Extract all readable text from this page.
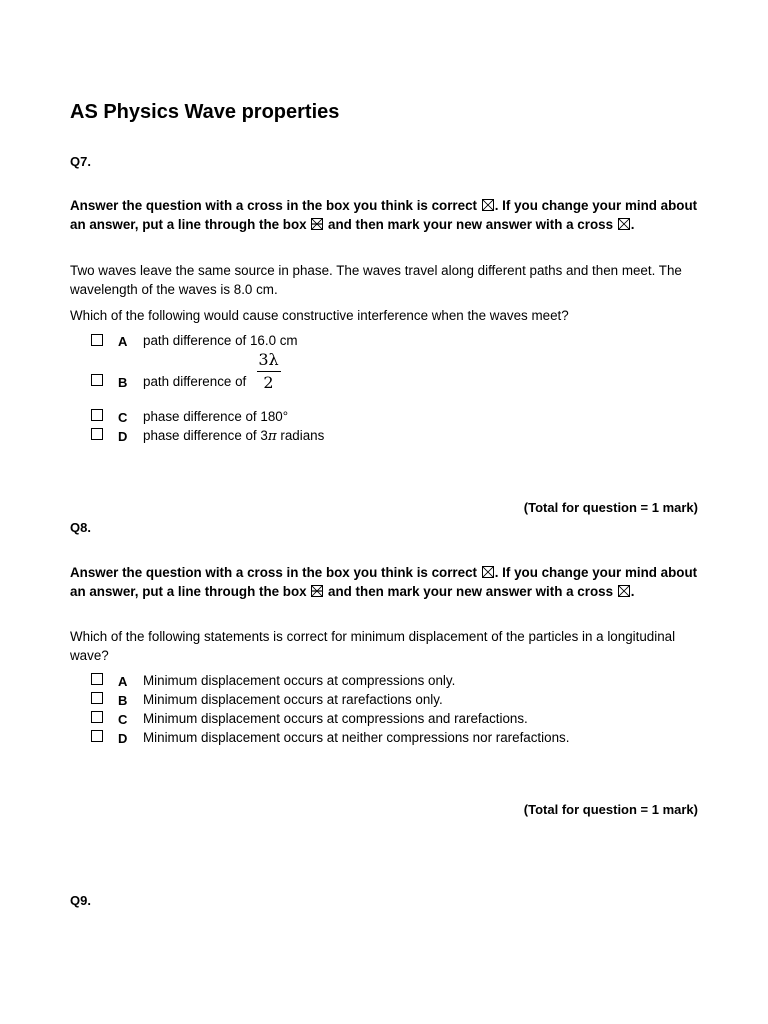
AS Physics Wave properties
Q7.
Answer the question with a cross in the box you think is correct ☒. If you change your mind about an answer, put a line through the box
and then mark your new answer with a cross ☒.
Two waves leave the same source in phase. The waves travel along different paths and then meet. The wavelength of the waves is 8.0 cm.
Which of the following would cause constructive interference when the waves meet?
A path difference of 16.0 cm
B path difference of
3λ
2
C phase difference of 180°
D phase difference of 3π radians
(Total for question = 1 mark)
Q8.
Answer the question with a cross in the box you think is correct ☒. If you change your mind about an answer, put a line through the box
and then mark your new answer with a cross ☒.
Which of the following statements is correct for minimum displacement of the particles in a longitudinal wave?
A Minimum displacement occurs at compressions only.
B Minimum displacement occurs at rarefactions only.
C Minimum displacement occurs at compressions and rarefactions.
D Minimum displacement occurs at neither compressions nor rarefactions.
(Total for question = 1 mark)
Q9.
